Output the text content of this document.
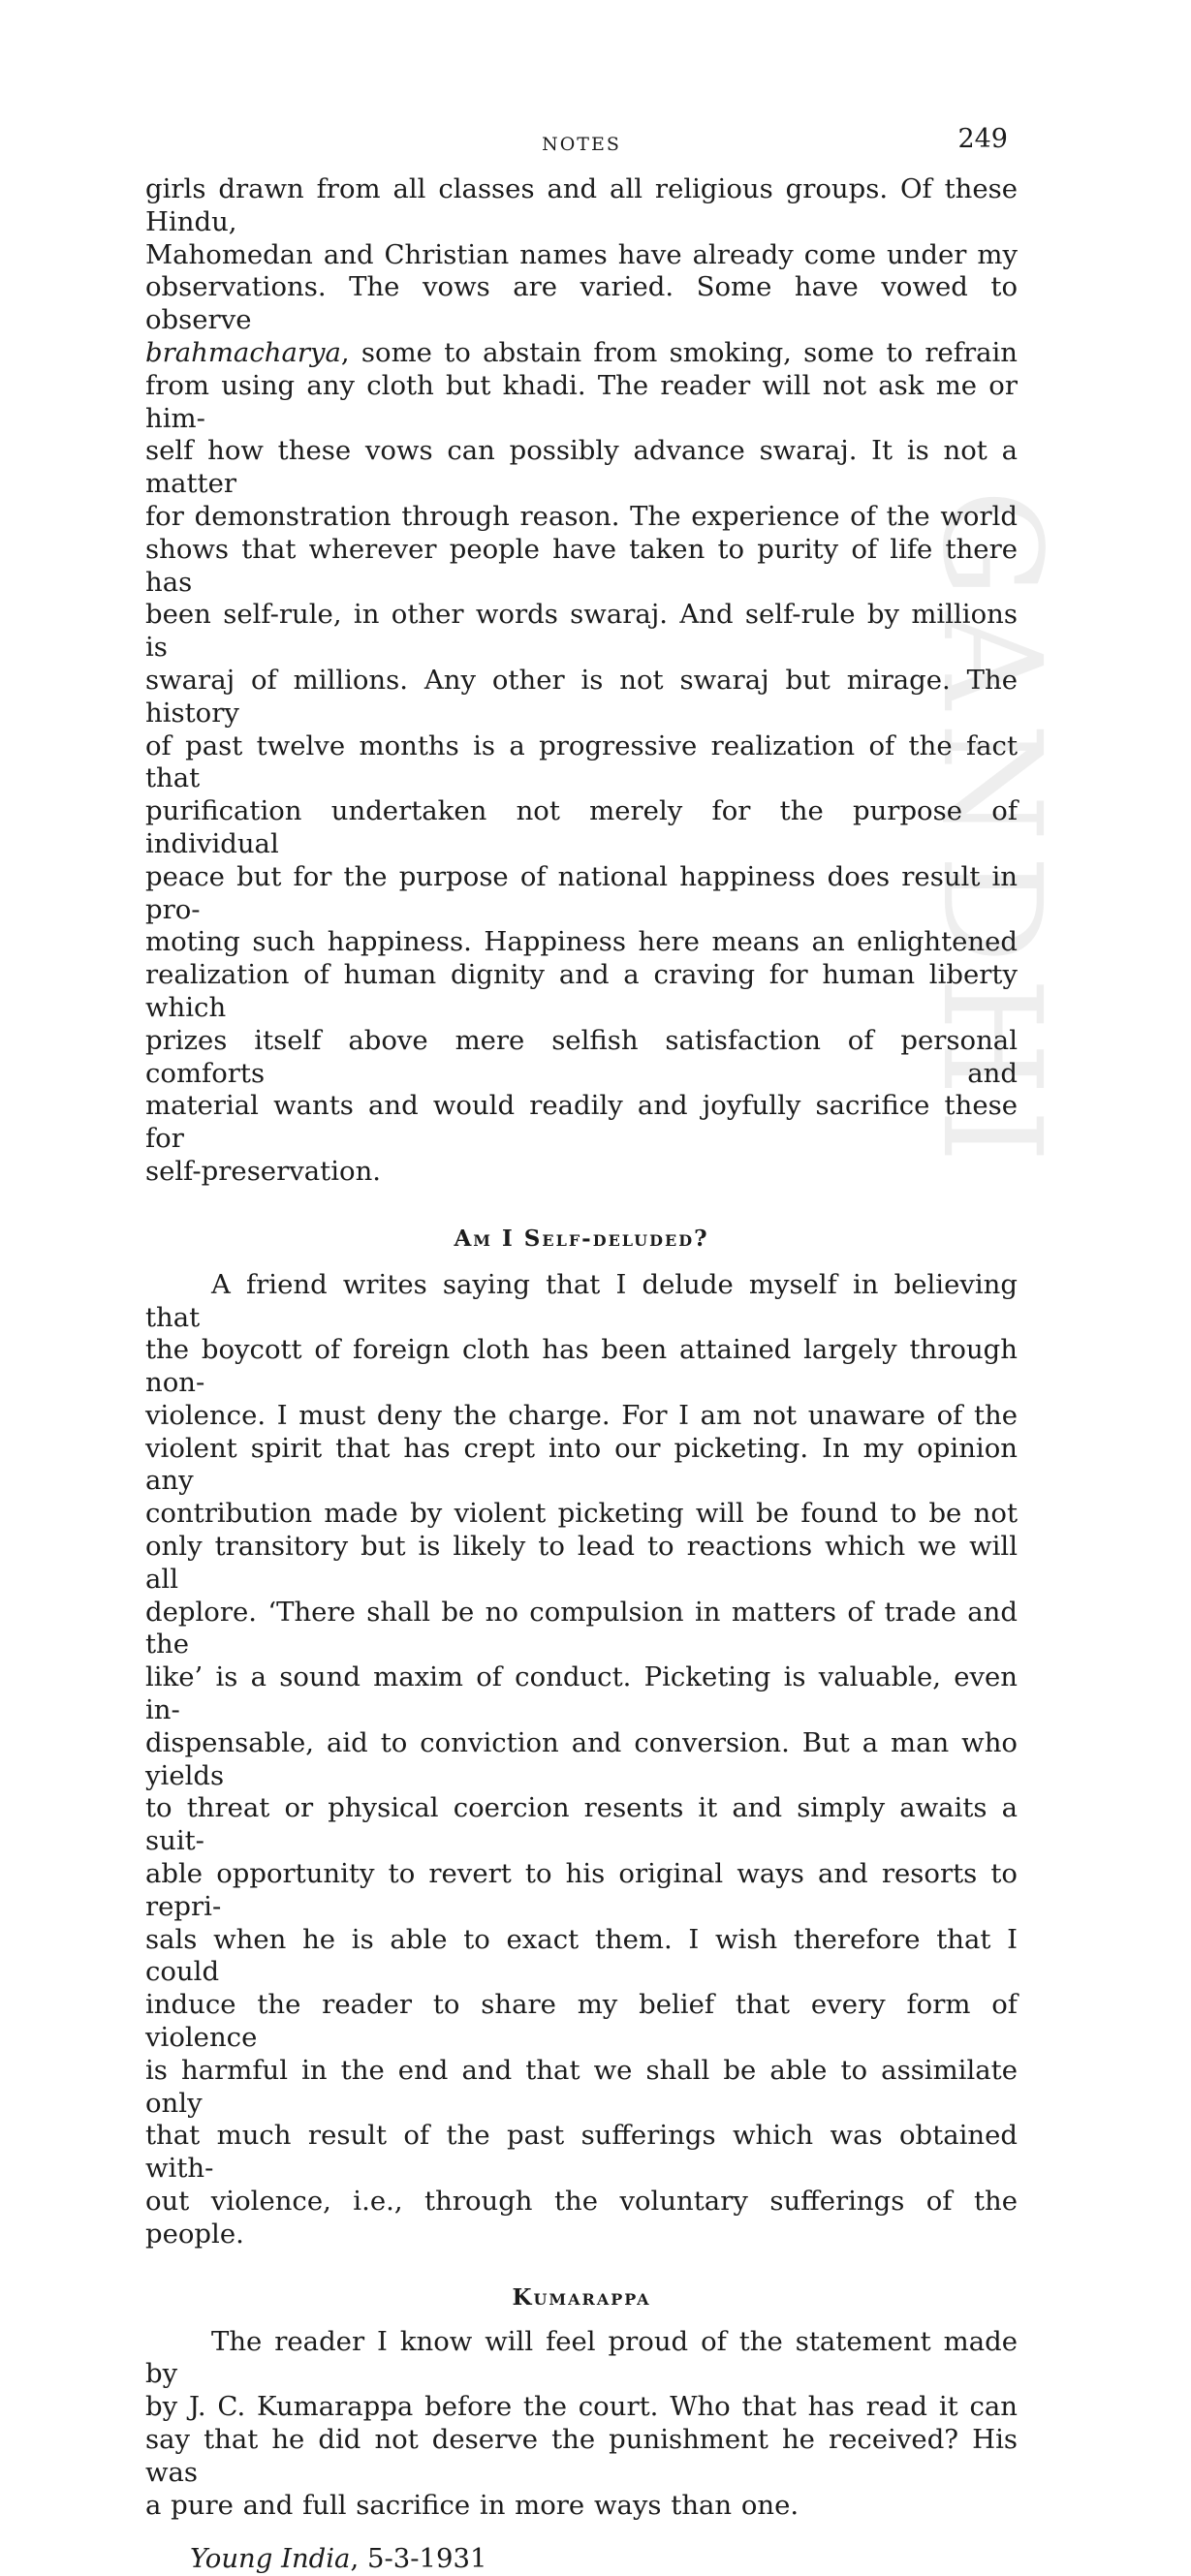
GANDHI
NOTES	249

girls drawn from all classes and all religious groups. Of these Hindu,
Mahomedan and Christian names have already come under my
observations. The vows are varied. Some have vowed to observe
brahmacharya, some to abstain from smoking, some to refrain
from using any cloth but khadi. The reader will not ask me or him-
self how these vows can possibly advance swaraj. It is not a matter
for demonstration through reason. The experience of the world
shows that wherever people have taken to purity of life there has
been self-rule, in other words swaraj. And self-rule by millions is
swaraj of millions. Any other is not swaraj but mirage. The history
of past twelve months is a progressive realization of the fact that
purification undertaken not merely for the purpose of individual
peace but for the purpose of national happiness does result in pro-
moting such happiness. Happiness here means an enlightened
realization of human dignity and a craving for human liberty which
prizes itself above mere selfish satisfaction of personal comforts and
material wants and would readily and joyfully sacrifice these for
self-preservation.

Am I Self-deluded?

A friend writes saying that I delude myself in believing that
the boycott of foreign cloth has been attained largely through non-
violence. I must deny the charge. For I am not unaware of the
violent spirit that has crept into our picketing. In my opinion any
contribution made by violent picketing will be found to be not
only transitory but is likely to lead to reactions which we will all
deplore. ‘There shall be no compulsion in matters of trade and the
like’ is a sound maxim of conduct. Picketing is valuable, even in-
dispensable, aid to conviction and conversion. But a man who yields
to threat or physical coercion resents it and simply awaits a suit-
able opportunity to revert to his original ways and resorts to repri-
sals when he is able to exact them. I wish therefore that I could
induce the reader to share my belief that every form of violence
is harmful in the end and that we shall be able to assimilate only
that much result of the past sufferings which was obtained with-
out violence, i.e., through the voluntary sufferings of the people.

Kumarappa

The reader I know will feel proud of the statement made by
by J. C. Kumarappa before the court. Who that has read it can
say that he did not deserve the punishment he received? His was
a pure and full sacrifice in more ways than one.

Young India, 5-3-1931
